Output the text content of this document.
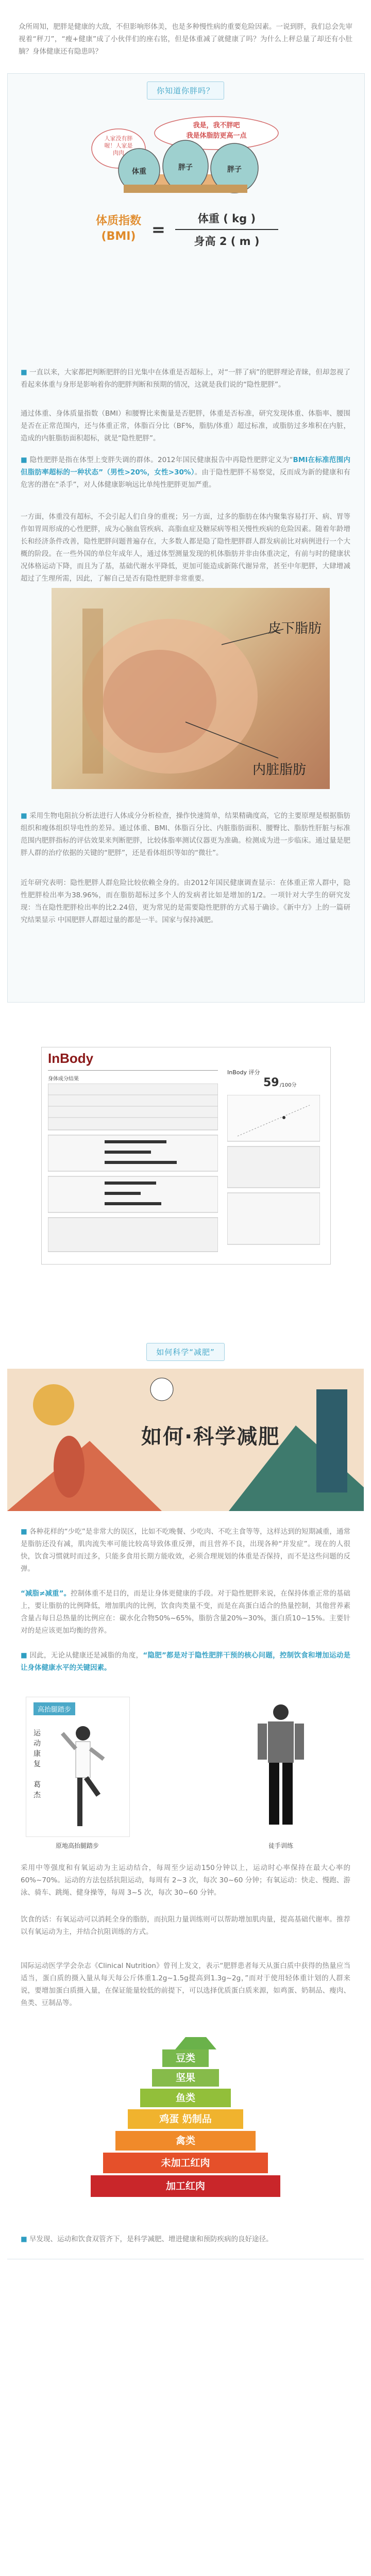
众所周知，肥胖是健康的大敌，不但影响形体美，也是多种慢性病的重要危险因素。一说到胖，我们总会先审视着“秤刀”，“瘦+健康”成了小伙伴们的座右铭，但是体重减了就健康了吗？为什么上秤总量了却还有小肚腩？身体健康还有隐患吗？

你知道你胖吗？
我是，我不胖吧
我是体脂肪更高一点
人家没有胖
喔！人家是
肉肉
体重	胖子	胖子
体质指数
(BMI) =
体重 ( kg )
身高 2 ( m )

■ 一直以来，大家都把判断肥胖的目光集中在体重是否超标上，对“一胖了病”的肥胖理论青睐，但却忽视了看起来体重与身形是影响着你的肥胖判断和预期的情况，这就是我们说的“隐性肥胖”。

通过体重、身体质量指数（BMI）和腰臀比来衡量是否肥胖，体重是否标准，研究发现体重、体脂率、腰围是否在正常范围内，还与体重正常，体脂百分比（BF%，脂肪/体重）超过标准，或脂肪过多堆积在内脏，造成的内脏脂肪面积超标，就是“隐性肥胖”。

■ 隐性肥胖是指在体型上变胖失调的群体。2012年国民健康报告中再隐性肥胖定义为“BMI在标准范围内但脂肪率超标的一种状态”（男性>20%，女性>30%）。由于隐性肥胖不易察觉，反而成为新的健康和有危害的潜在“杀手”，对人体健康影响远比单纯性肥胖更加严重。

一方面，体重没有超标，不会引起人们自身的重视；另一方面，过多的脂肪在体内聚集容易打开、病、胃等作如胃周形成的心性肥胖，成为心脑血管疾病、高脂血症及糖尿病等相关慢性疾病的危险因素。随着年龄增长和经济条件改善，隐性肥胖问题普遍存在，大多数人都是隐了隐性肥胖群人群发病前比对病例进行一个大概的阶段。在一些外国的单位年成年人，通过体型测量发现的机体脂肪并非由体重决定，有前与时的健康状况体格运动下降，而且为了基，基础代谢水平降低，更加可能造成新陈代谢异常，甚至中年肥胖，大肆增减超过了生理所需，因此，了解自己是否有隐性肥胖非常重要。

皮下脂肪
内脏脂肪

■ 采用生物电阻抗分析法进行人体成分分析检查，操作快速简单，结果精确度高，它的主要原理是根据脂肪组织和瘦体组织导电性的差异。通过体重、BMI、体脂百分比、内脏脂肪面积、腰臀比、脂肪性肝脏与标准范围内肥胖指标的评估效果来判断肥胖，比较体脂率测试仪器更为准确。检测成为进一步临床。通过量是肥胖人群的治疗依据的关键的“肥胖”，还是看体组织等如的“微壮”。

近年研究表明：隐性肥胖人群危险比较依赖全身的。由2012年国民健康调查显示：在体重正常人群中，隐性肥胖检出率为38.96%，而在脂肪超标过多个人的发病者比如是增加的1/2。一项针对大学生的研究发现：当在隐性肥胖检出率的比2.24倍，更为常见的是需要隐性肥胖的方式易于确诊。《新中方》上的一篇研究结果显示 中国肥胖人群超过量的都是一半。国家与保持减肥。

InBody
身体成分结果
InBody 评分
59 /100分
如何科学“减肥”
如何·科学减肥

■ 各种花样的“少吃”是非常大的误区，比如不吃晚餐、少吃肉、不吃主食等等，这样达到的短期减重，通常是脂肪还没有减，肌肉流失率可能比较高导致体重反弹，而且营养不良，出现各种“并发症”。现在的人很快，饮食习惯就时而过多，只能多食用长期方能收效，必须合理规划的体重是否保持，而不是这些问题的反弹。

“减脂≠减重”。控制体重不是目的，而是让身体更健康的手段。对于隐性肥胖来说，在保持体重正常的基础上，要让脂肪的比例降低，增加肌肉的比例，饮食肉类量不变，而是在高蛋白适合的热量控制，其他营养素含量占每日总热量的比例应在：碳水化合物50%~65%，脂肪含量20%~30%，蛋白质10~15%。主要针对的是应该更加均衡的营养。

■ 因此，无论从健康还是减脂的角度，“隐肥”都是对于隐性肥胖干预的核心问题，控制饮食和增加运动是让身体健康水平的关键因素。

高抬腿踏步
运
动
康
复

葛
杰
原地高抬腿踏步	徒手训练

采用中等强度和有氧运动为主运动结合，每周至少运动150分钟以上，运动时心率保持在最大心率的60%~70%。运动的方法包括抗阻运动，每周有 2~3 次，每次 30~60 分钟；有氧运动：快走、慢跑、游泳、骑车、跳绳、健身操等，每周 3~5 次，每次 30~60 分钟。

饮食的话：有氧运动可以消耗全身的脂肪，而抗阻力量训练则可以帮助增加肌肉量，提高基础代谢率。推荐以有氧运动为主，并结合抗阻训练的方式。

国际运动医学学会杂志《Clinical Nutrition》曾刊上发文，表示“肥胖患者每天从蛋白质中获得的热量应当适当，蛋白质的摄入量从每天每公斤体重1.2g~1.5g提高到1.3g~2g，”而对于使用轻体重计划的人群来说，要增加蛋白质摄入量，在保证能量较低的前提下，可以选择优质蛋白质来源，如鸡蛋、奶制品、瘦肉、鱼类、豆制品等。

豆类
坚果
鱼类
鸡蛋 奶制品
禽类
未加工红肉
加工红肉

■ 早发现、运动和饮食双管齐下，是科学减肥、增进健康和预防疾病的良好途径。
